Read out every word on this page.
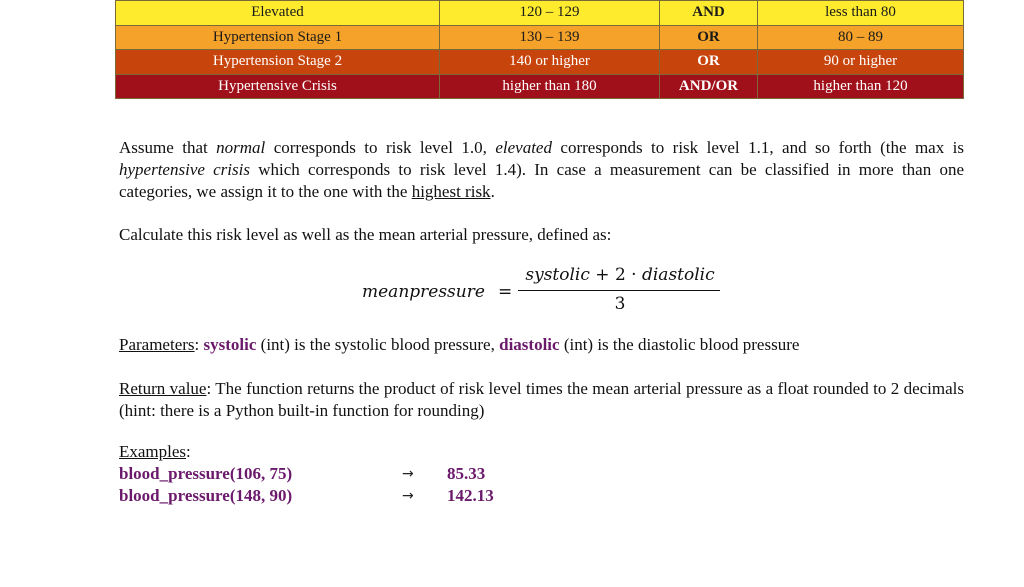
Elevated	120 – 129	AND	less than 80
Hypertension Stage 1	130 – 139	OR	80 – 89
Hypertension Stage 2	140 or higher	OR	90 or higher
Hypertensive Crisis	higher than 180	AND/OR	higher than 120

Assume that normal corresponds to risk level 1.0, elevated corresponds to risk level 1.1, and so forth (the max is hypertensive crisis which corresponds to risk level 1.4). In case a measurement can be classified in more than one categories, we assign it to the one with the highest risk.

Calculate this risk level as well as the mean arterial pressure, defined as:

meanpressure =
systolic + 2 · diastolic
3

Parameters: systolic (int) is the systolic blood pressure, diastolic (int) is the diastolic blood pressure

Return value: The function returns the product of risk level times the mean arterial pressure as a float rounded to 2 decimals (hint: there is a Python built-in function for rounding)

Examples:
blood_pressure(106, 75)	→ 85.33
blood_pressure(148, 90)	→ 142.13
